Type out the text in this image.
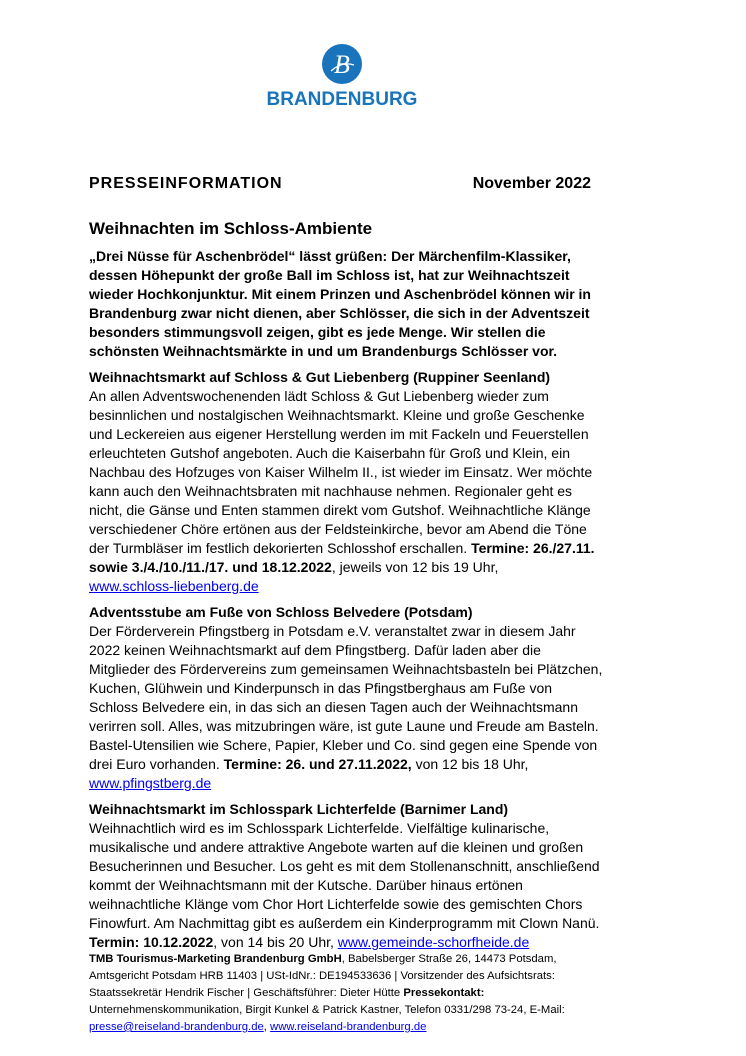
B
BRANDENBURG
PRESSEINFORMATION	November 2022
Weihnachten im Schloss-Ambiente
„Drei Nüsse für Aschenbrödel“ lässt grüßen: Der Märchenfilm-Klassiker,
dessen Höhepunkt der große Ball im Schloss ist, hat zur Weihnachtszeit
wieder Hochkonjunktur. Mit einem Prinzen und Aschenbrödel können wir in
Brandenburg zwar nicht dienen, aber Schlösser, die sich in der Adventszeit
besonders stimmungsvoll zeigen, gibt es jede Menge. Wir stellen die
schönsten Weihnachtsmärkte in und um Brandenburgs Schlösser vor.
Weihnachtsmarkt auf Schloss & Gut Liebenberg (Ruppiner Seenland)
An allen Adventswochenenden lädt Schloss & Gut Liebenberg wieder zum
besinnlichen und nostalgischen Weihnachtsmarkt. Kleine und große Geschenke
und Leckereien aus eigener Herstellung werden im mit Fackeln und Feuerstellen
erleuchteten Gutshof angeboten. Auch die Kaiserbahn für Groß und Klein, ein
Nachbau des Hofzuges von Kaiser Wilhelm II., ist wieder im Einsatz. Wer möchte
kann auch den Weihnachtsbraten mit nachhause nehmen. Regionaler geht es
nicht, die Gänse und Enten stammen direkt vom Gutshof. Weihnachtliche Klänge
verschiedener Chöre ertönen aus der Feldsteinkirche, bevor am Abend die Töne
der Turmbläser im festlich dekorierten Schlosshof erschallen. Termine: 26./27.11.
sowie 3./4./10./11./17. und 18.12.2022, jeweils von 12 bis 19 Uhr,
www.schloss-liebenberg.de
Adventsstube am Fuße von Schloss Belvedere (Potsdam)
Der Förderverein Pfingstberg in Potsdam e.V. veranstaltet zwar in diesem Jahr
2022 keinen Weihnachtsmarkt auf dem Pfingstberg. Dafür laden aber die
Mitglieder des Fördervereins zum gemeinsamen Weihnachtsbasteln bei Plätzchen,
Kuchen, Glühwein und Kinderpunsch in das Pfingstberghaus am Fuße von
Schloss Belvedere ein, in das sich an diesen Tagen auch der Weihnachtsmann
verirren soll. Alles, was mitzubringen wäre, ist gute Laune und Freude am Basteln.
Bastel-Utensilien wie Schere, Papier, Kleber und Co. sind gegen eine Spende von
drei Euro vorhanden. Termine: 26. und 27.11.2022, von 12 bis 18 Uhr,
www.pfingstberg.de
Weihnachtsmarkt im Schlosspark Lichterfelde (Barnimer Land)
Weihnachtlich wird es im Schlosspark Lichterfelde. Vielfältige kulinarische,
musikalische und andere attraktive Angebote warten auf die kleinen und großen
Besucherinnen und Besucher. Los geht es mit dem Stollenanschnitt, anschließend
kommt der Weihnachtsmann mit der Kutsche. Darüber hinaus ertönen
weihnachtliche Klänge vom Chor Hort Lichterfelde sowie des gemischten Chors
Finowfurt. Am Nachmittag gibt es außerdem ein Kinderprogramm mit Clown Nanü.
Termin: 10.12.2022, von 14 bis 20 Uhr, www.gemeinde-schorfheide.de
TMB Tourismus-Marketing Brandenburg GmbH, Babelsberger Straße 26, 14473 Potsdam,
Amtsgericht Potsdam HRB 11403 | USt-IdNr.: DE194533636 | Vorsitzender des Aufsichtsrats:
Staatssekretär Hendrik Fischer | Geschäftsführer: Dieter Hütte Pressekontakt:
Unternehmenskommunikation, Birgit Kunkel & Patrick Kastner, Telefon 0331/298 73-24, E-Mail:
presse@reiseland-brandenburg.de, www.reiseland-brandenburg.de
